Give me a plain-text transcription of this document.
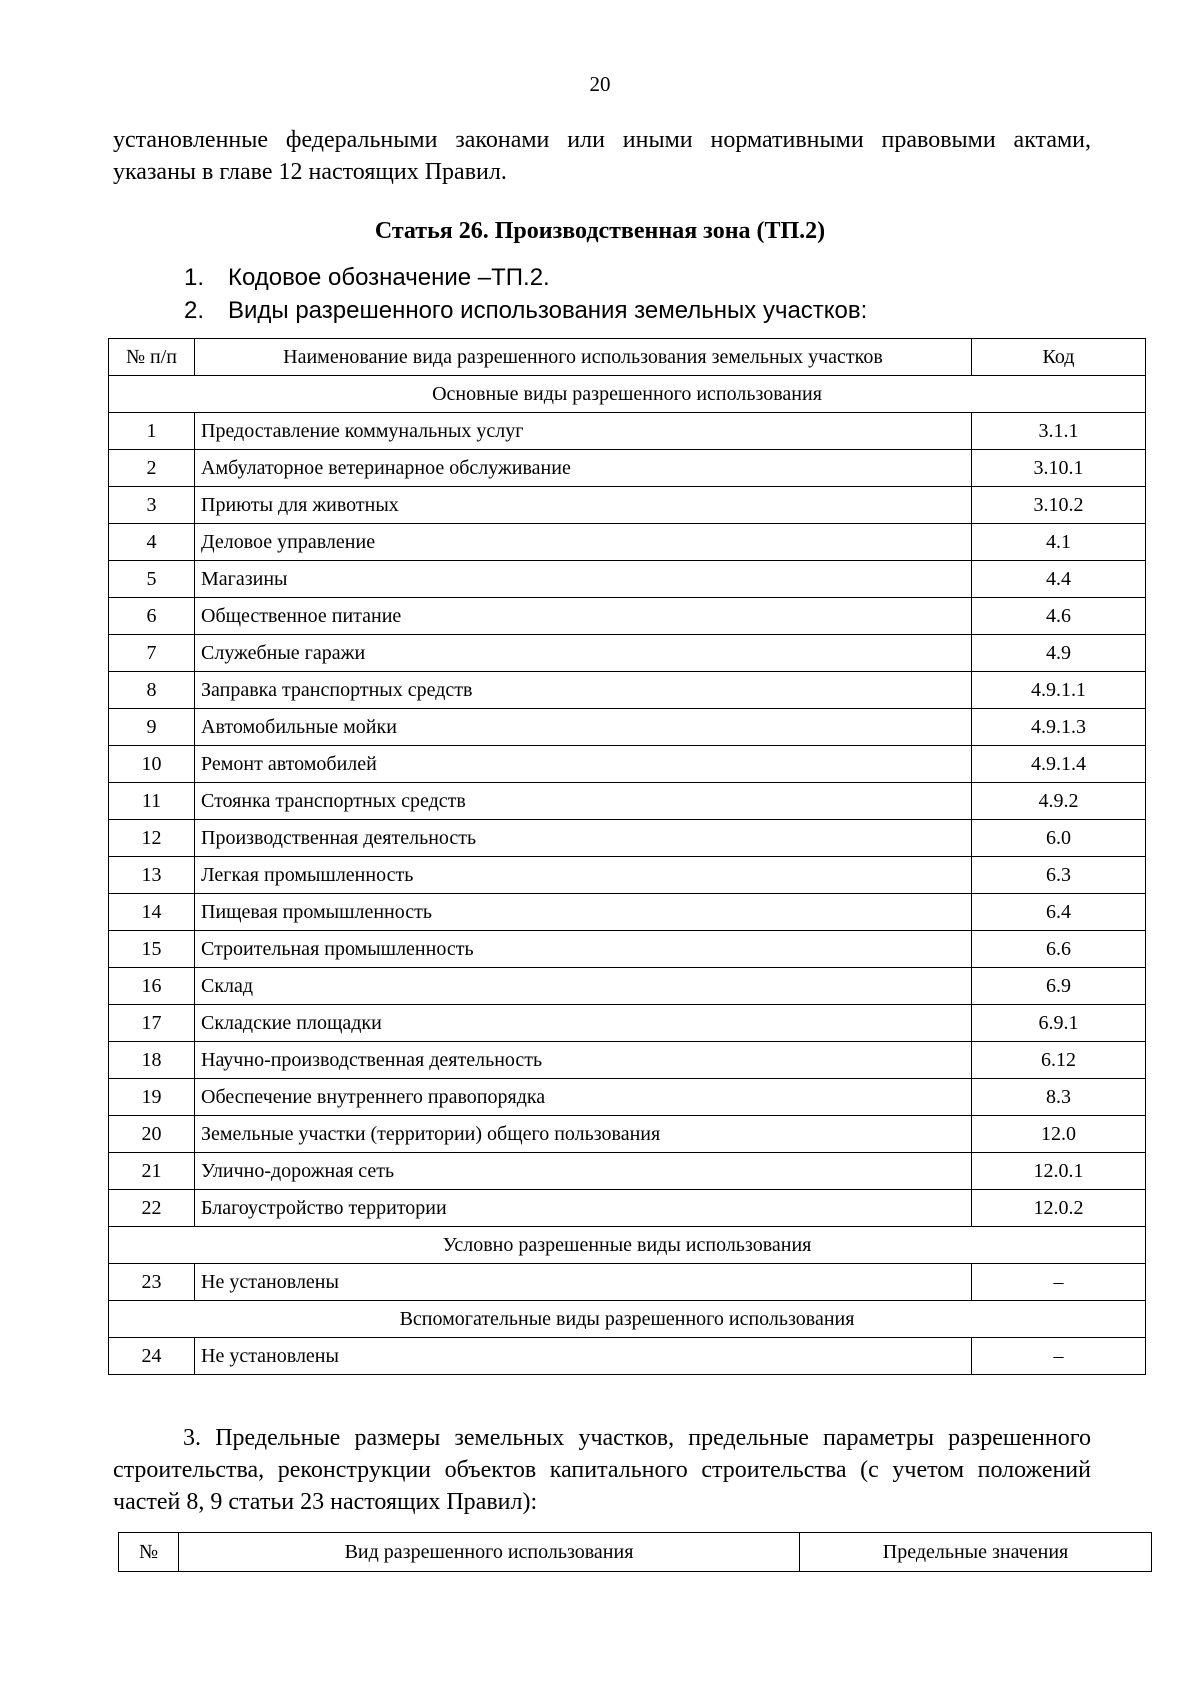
20
установленные федеральными законами или иными нормативными правовыми актами, указаны в главе 12 настоящих Правил.
Статья 26. Производственная зона (ТП.2)
1. Кодовое обозначение –ТП.2.
2. Виды разрешенного использования земельных участков:
№ п/п	Наименование вида разрешенного использования земельных участков	Код
Основные виды разрешенного использования		
1	Предоставление коммунальных услуг	3.1.1
2	Амбулаторное ветеринарное обслуживание	3.10.1
3	Приюты для животных	3.10.2
4	Деловое управление	4.1
5	Магазины	4.4
6	Общественное питание	4.6
7	Служебные гаражи	4.9
8	Заправка транспортных средств	4.9.1.1
9	Автомобильные мойки	4.9.1.3
10	Ремонт автомобилей	4.9.1.4
11	Стоянка транспортных средств	4.9.2
12	Производственная деятельность	6.0
13	Легкая промышленность	6.3
14	Пищевая промышленность	6.4
15	Строительная промышленность	6.6
16	Склад	6.9
17	Складские площадки	6.9.1
18	Научно-производственная деятельность	6.12
19	Обеспечение внутреннего правопорядка	8.3
20	Земельные участки (территории) общего пользования	12.0
21	Улично-дорожная сеть	12.0.1
22	Благоустройство территории	12.0.2
Условно разрешенные виды использования		
23	Не установлены	–
Вспомогательные виды разрешенного использования		
24	Не установлены	–
3. Предельные размеры земельных участков, предельные параметры разрешенного строительства, реконструкции объектов капитального строительства (с учетом положений частей 8, 9 статьи 23 настоящих Правил):
№	Вид разрешенного использования	Предельные значения
